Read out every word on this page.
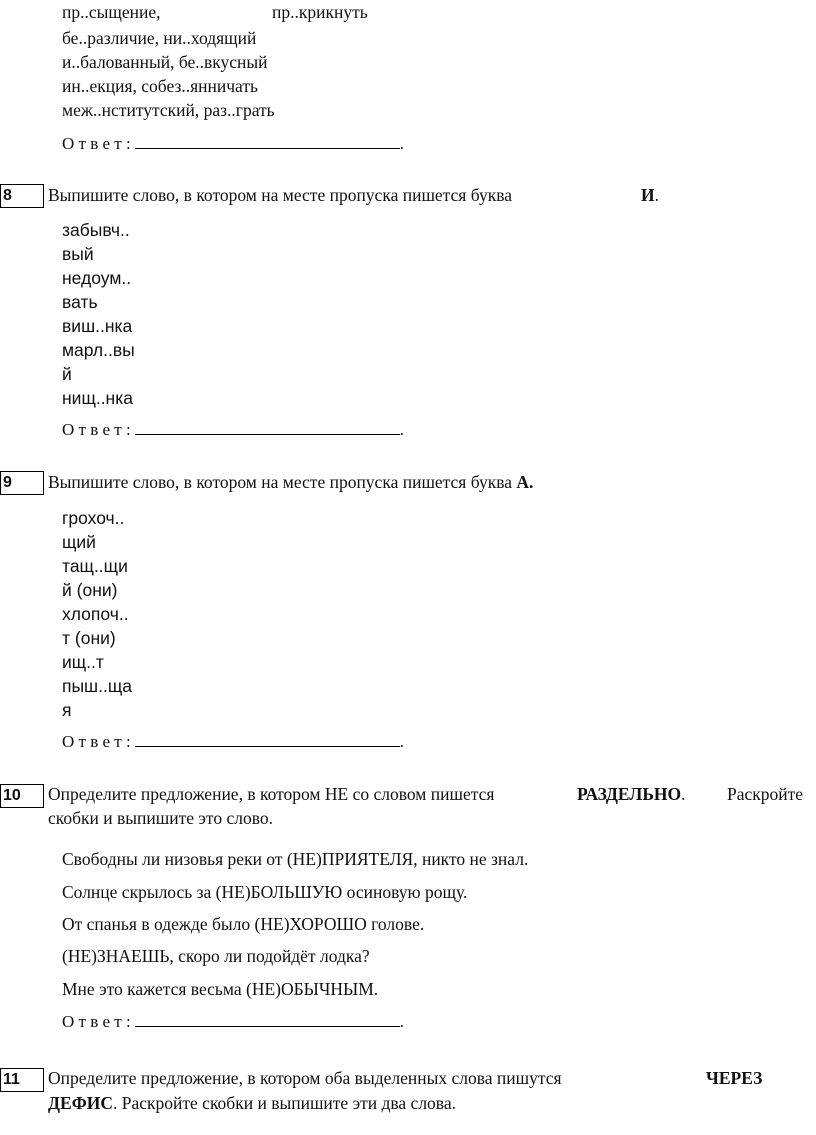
пр..сыщение,	пр..крикнуть
бе..различие, ни..ходящий
и..балованный, бе..вкусный
ин..екция, собез..янничать
меж..нститутский, раз..грать
О т в е т :	.
8	Выпишите слово, в котором на месте пропуска пишется буква	И.
забывч..
вый
недоум..
вать
виш..нка
марл..вы
й
нищ..нка
О т в е т :	.
9	Выпишите слово, в котором на месте пропуска пишется буква А.
грохоч..
щий
тащ..щи
й (они)
хлопоч..
т (они)
ищ..т
пыш..ща
я
О т в е т :	.
10	Определите предложение, в котором НЕ со словом пишется	РАЗДЕЛЬНО. Раскройте
скобки и выпишите это слово.
Свободны ли низовья реки от (НЕ)ПРИЯТЕЛЯ, никто не знал.
Солнце скрылось за (НЕ)БОЛЬШУЮ осиновую рощу.
От спанья в одежде было (НЕ)ХОРОШО голове.
(НЕ)ЗНАЕШЬ, скоро ли подойдёт лодка?
Мне это кажется весьма (НЕ)ОБЫЧНЫМ.
О т в е т :	.
11	Определите предложение, в котором оба выделенных слова пишутся	ЧЕРЕЗ
ДЕФИС. Раскройте скобки и выпишите эти два слова.
